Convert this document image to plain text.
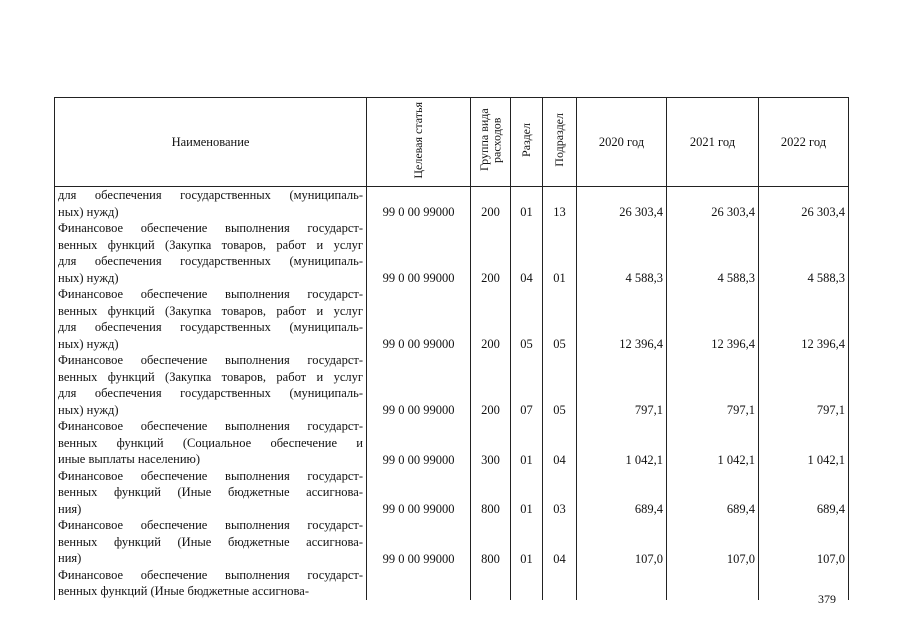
Наименование	Целевая статья	Группа вида расходов	Раздел	Подраздел	2020 год	2021 год	2022 год

для обеспечения государственных (муниципаль-
ных) нужд)	99 0 00 99000	200	01	13	26 303,4	26 303,4	26 303,4

Финансовое обеспечение выполнения государст-
венных функций (Закупка товаров, работ и услуг
для обеспечения государственных (муниципаль-
ных) нужд)	99 0 00 99000	200	04	01	4 588,3	4 588,3	4 588,3

Финансовое обеспечение выполнения государст-
венных функций (Закупка товаров, работ и услуг
для обеспечения государственных (муниципаль-
ных) нужд)	99 0 00 99000	200	05	05	12 396,4	12 396,4	12 396,4

Финансовое обеспечение выполнения государст-
венных функций (Закупка товаров, работ и услуг
для обеспечения государственных (муниципаль-
ных) нужд)	99 0 00 99000	200	07	05	797,1	797,1	797,1

Финансовое обеспечение выполнения государст-
венных функций (Социальное обеспечение и
иные выплаты населению)	99 0 00 99000	300	01	04	1 042,1	1 042,1	1 042,1

Финансовое обеспечение выполнения государст-
венных функций (Иные бюджетные ассигнова-
ния)	99 0 00 99000	800	01	03	689,4	689,4	689,4

Финансовое обеспечение выполнения государст-
венных функций (Иные бюджетные ассигнова-
ния)	99 0 00 99000	800	01	04	107,0	107,0	107,0

Финансовое обеспечение выполнения государст-
венных функций (Иные бюджетные ассигнова-							

379
